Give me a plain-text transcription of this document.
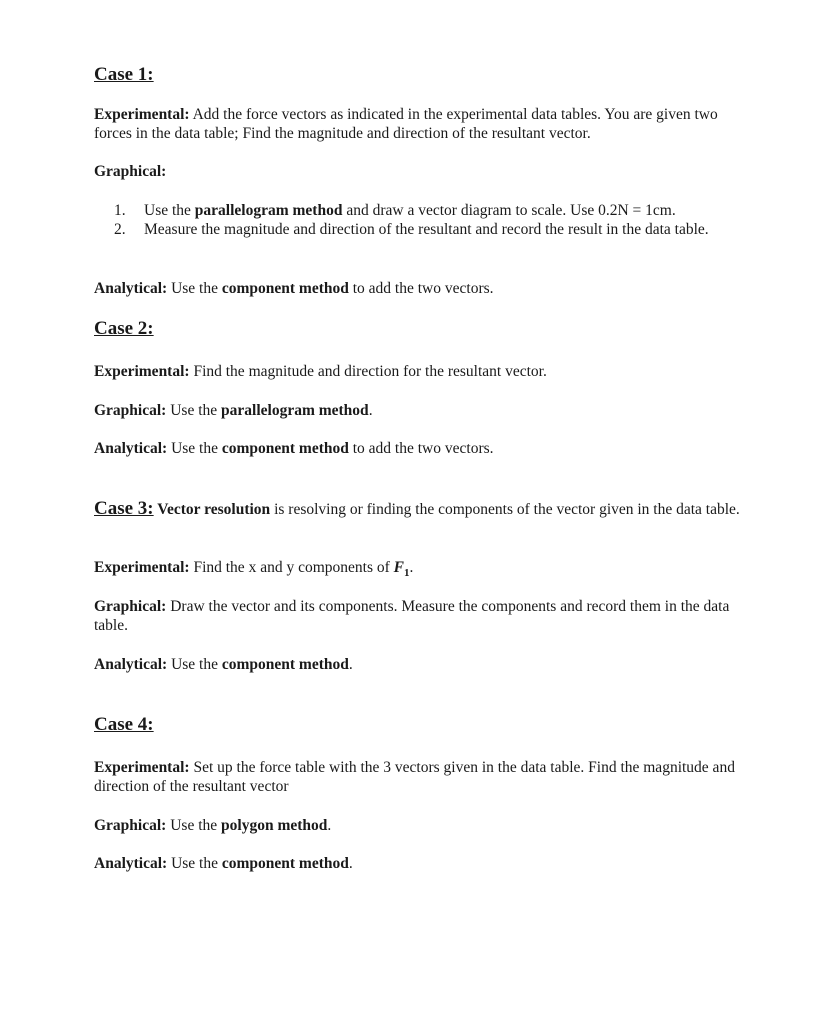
Case 1:

Experimental: Add the force vectors as indicated in the experimental data tables. You are given two forces in the data table; Find the magnitude and direction of the resultant vector.

Graphical:

1.	Use the parallelogram method and draw a vector diagram to scale. Use 0.2N = 1cm.
2.	Measure the magnitude and direction of the resultant and record the result in the data table.

Analytical: Use the component method to add the two vectors.

Case 2:

Experimental: Find the magnitude and direction for the resultant vector.

Graphical: Use the parallelogram method.

Analytical: Use the component method to add the two vectors.

Case 3: Vector resolution is resolving or finding the components of the vector given in the data table.

Experimental: Find the x and y components of $F_1$.

Graphical: Draw the vector and its components. Measure the components and record them in the data table.

Analytical: Use the component method.

Case 4:

Experimental: Set up the force table with the 3 vectors given in the data table. Find the magnitude and direction of the resultant vector

Graphical: Use the polygon method.

Analytical: Use the component method.
